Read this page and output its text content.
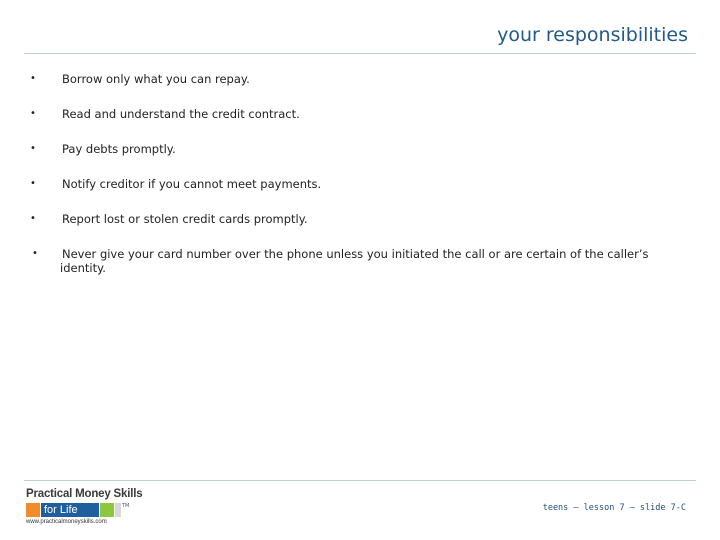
your responsibilities
• Borrow only what you can repay.
• Read and understand the credit contract.
• Pay debts promptly.
• Notify creditor if you cannot meet payments.
• Report lost or stolen credit cards promptly.
• Never give your card number over the phone unless you initiated the call or are certain of the caller’s identity.
Practical Money Skills
for Life	TM
www.practicalmoneyskills.com
teens – lesson 7 – slide 7-C
